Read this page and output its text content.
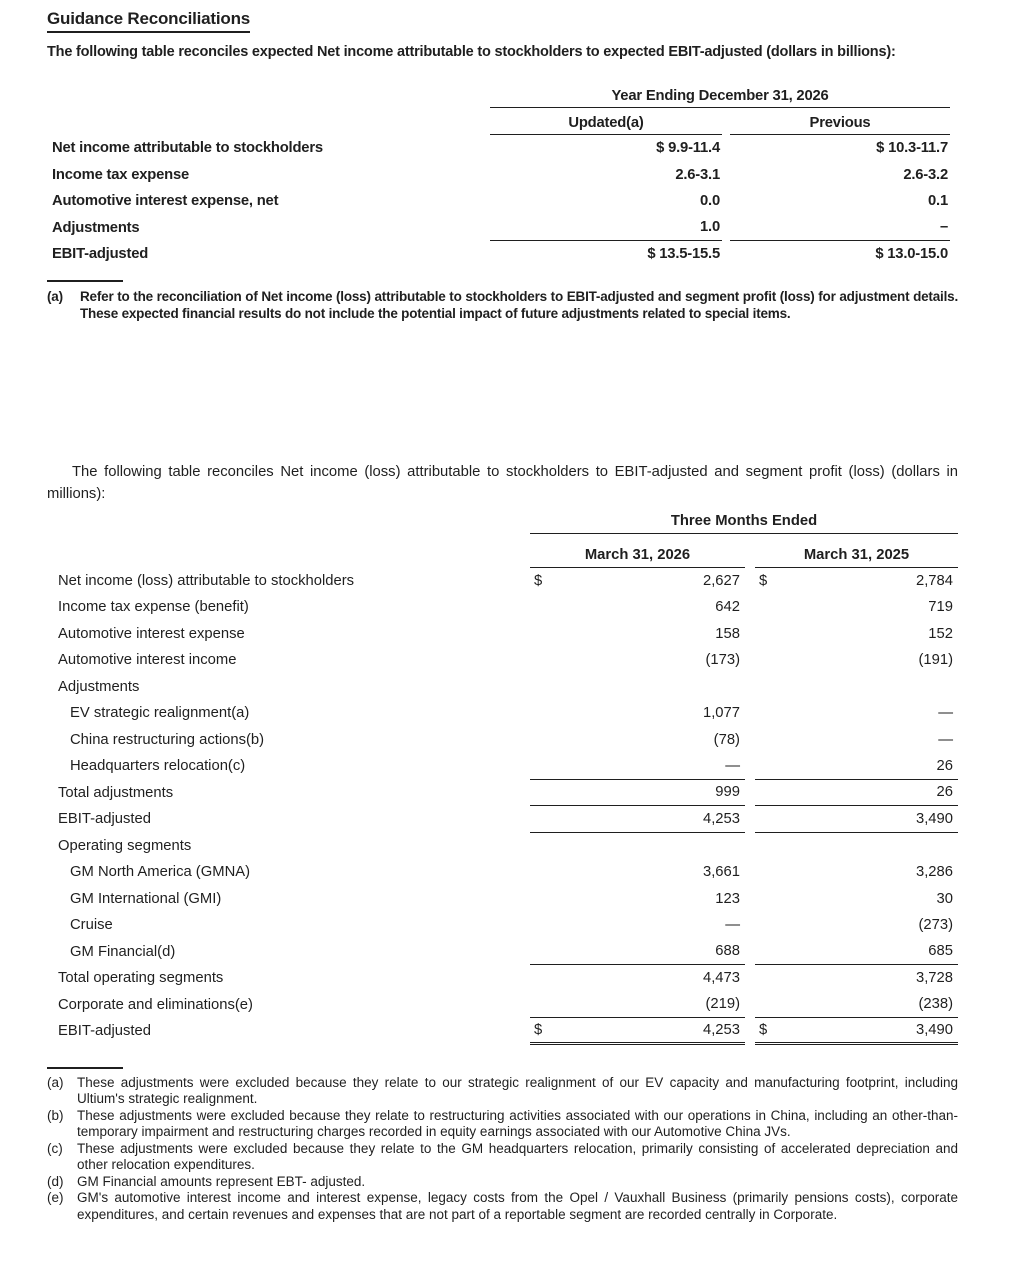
Guidance Reconciliations

The following table reconciles expected Net income attributable to stockholders to expected EBIT-adjusted (dollars in billions):

Year Ending December 31, 2026
Updated(a)	Previous
Net income attributable to stockholders	$ 9.9-11.4	$ 10.3-11.7
Income tax expense	2.6-3.1	2.6-3.2
Automotive interest expense, net	0.0	0.1
Adjustments	1.0	–
EBIT-adjusted	$ 13.5-15.5	$ 13.0-15.0
(a)	Refer to the reconciliation of Net income (loss) attributable to stockholders to EBIT-adjusted and segment profit (loss) for adjustment details. These expected financial results do not include the potential impact of future adjustments related to special items.

The following table reconciles Net income (loss) attributable to stockholders to EBIT-adjusted and segment profit (loss) (dollars in millions):

Three Months Ended
March 31, 2026	March 31, 2025
Net income (loss) attributable to stockholders	$	2,627 $	2,784
Income tax expense (benefit)	642	719
Automotive interest expense	158	152
Automotive interest income	(173)	(191)
Adjustments
EV strategic realignment(a)	1,077	—
China restructuring actions(b)	(78)	—
Headquarters relocation(c)	—	26
Total adjustments	999	26
EBIT-adjusted	4,253	3,490
Operating segments
GM North America (GMNA)	3,661	3,286
GM International (GMI)	123	30
Cruise	—	(273)
GM Financial(d)	688	685
Total operating segments	4,473	3,728
Corporate and eliminations(e)	(219)	(238)
EBIT-adjusted	$	4,253 $	3,490
(a)	These adjustments were excluded because they relate to our strategic realignment of our EV capacity and manufacturing footprint, including Ultium's strategic realignment.
(b)	These adjustments were excluded because they relate to restructuring activities associated with our operations in China, including an other-than-temporary impairment and restructuring charges recorded in equity earnings associated with our Automotive China JVs.
(c)	These adjustments were excluded because they relate to the GM headquarters relocation, primarily consisting of accelerated depreciation and other relocation expenditures.
(d)	GM Financial amounts represent EBT- adjusted.
(e)	GM's automotive interest income and interest expense, legacy costs from the Opel / Vauxhall Business (primarily pensions costs), corporate expenditures, and certain revenues and expenses that are not part of a reportable segment are recorded centrally in Corporate.
